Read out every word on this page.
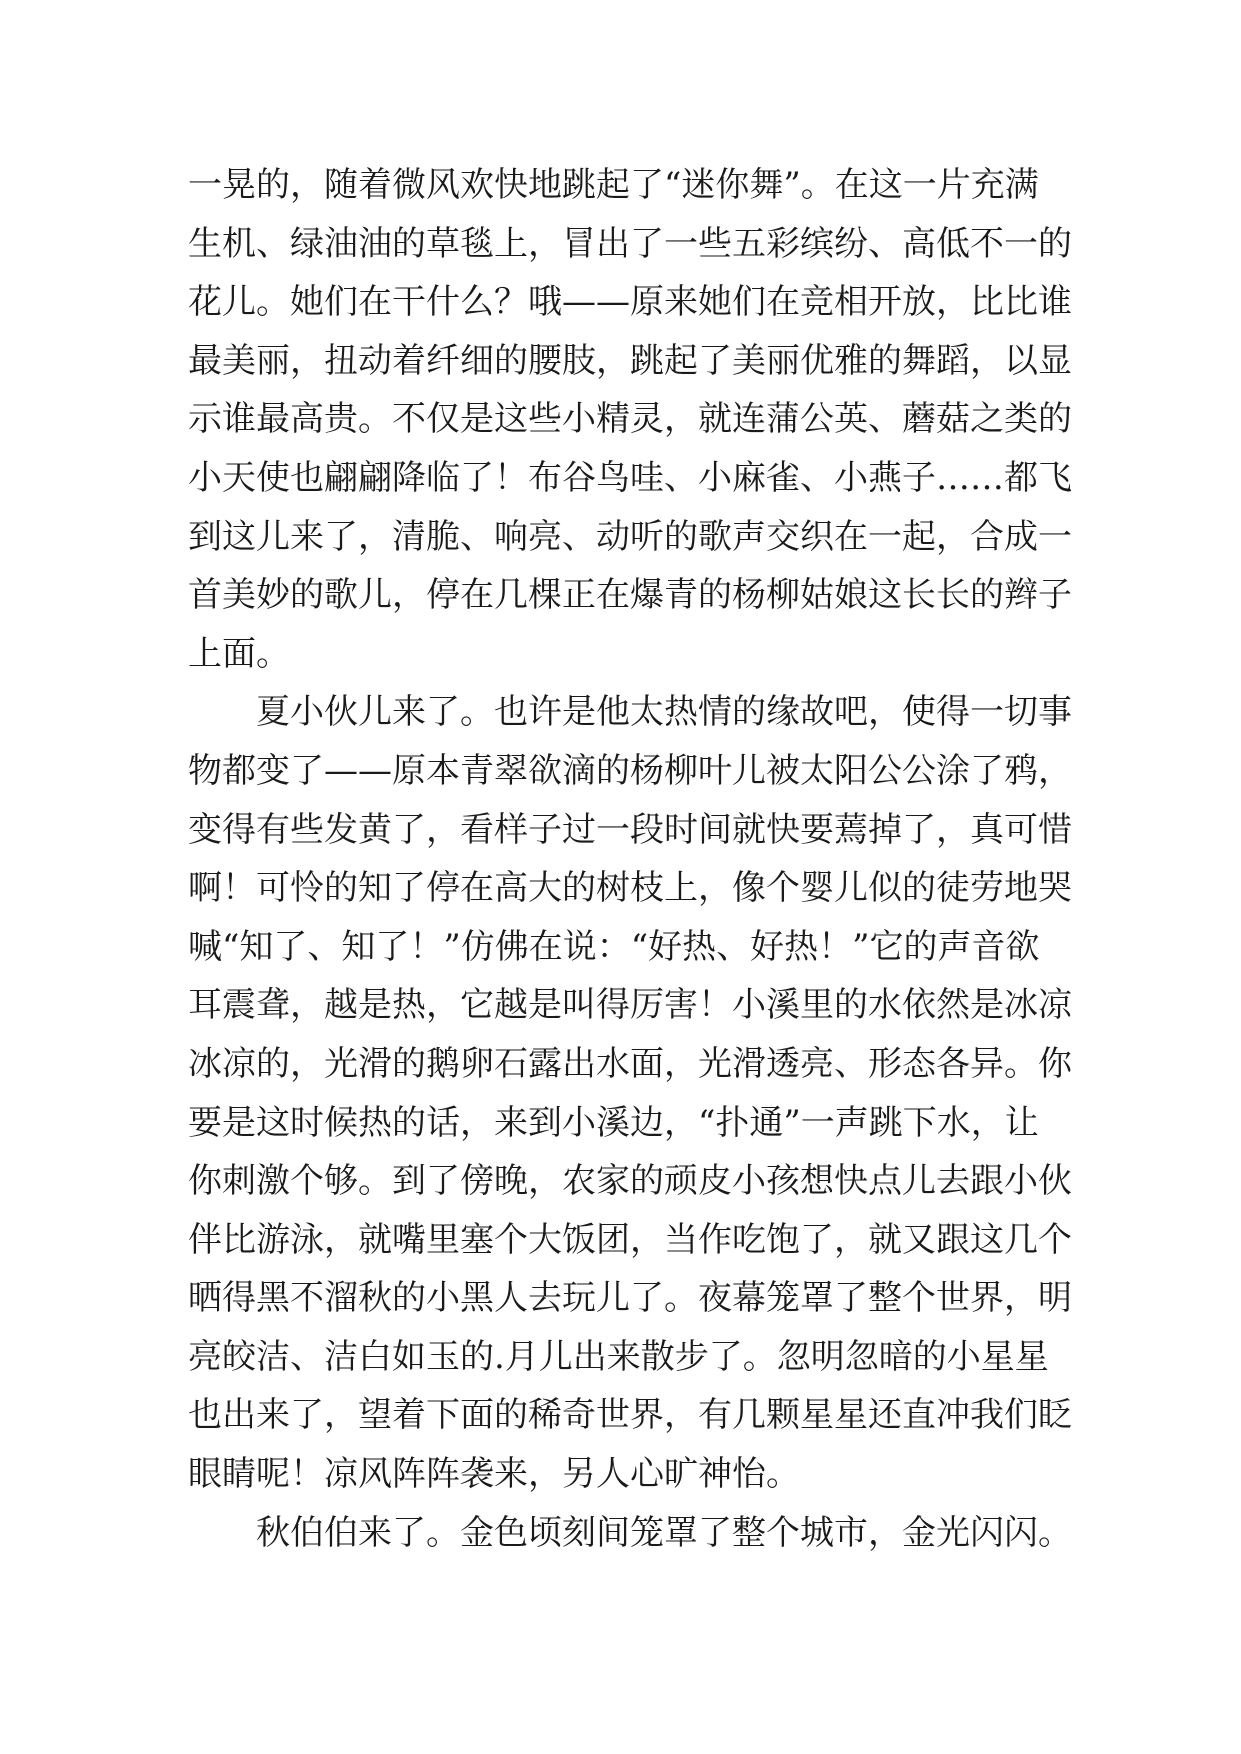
一晃的，随着微风欢快地跳起了“迷你舞”。在这一片充满
生机、绿油油的草毯上，冒出了一些五彩缤纷、高低不一的
花儿。她们在干什么？哦——原来她们在竞相开放，比比谁
最美丽，扭动着纤细的腰肢，跳起了美丽优雅的舞蹈，以显
示谁最高贵。不仅是这些小精灵，就连蒲公英、蘑菇之类的
小天使也翩翩降临了！布谷鸟哇、小麻雀、小燕子……都飞
到这儿来了，清脆、响亮、动听的歌声交织在一起，合成一
首美妙的歌儿，停在几棵正在爆青的杨柳姑娘这长长的辫子
上面。
夏小伙儿来了。也许是他太热情的缘故吧，使得一切事
物都变了——原本青翠欲滴的杨柳叶儿被太阳公公涂了鸦，
变得有些发黄了，看样子过一段时间就快要蔫掉了，真可惜
啊！可怜的知了停在高大的树枝上，像个婴儿似的徒劳地哭
喊“知了、知了！”仿佛在说：“好热、好热！”它的声音欲
耳震聋，越是热，它越是叫得厉害！小溪里的水依然是冰凉
冰凉的，光滑的鹅卵石露出水面，光滑透亮、形态各异。你
要是这时候热的话，来到小溪边，“扑通”一声跳下水，让
你刺激个够。到了傍晚，农家的顽皮小孩想快点儿去跟小伙
伴比游泳，就嘴里塞个大饭团，当作吃饱了，就又跟这几个
晒得黑不溜秋的小黑人去玩儿了。夜幕笼罩了整个世界，明
亮皎洁、洁白如玉的.月儿出来散步了。忽明忽暗的小星星
也出来了，望着下面的稀奇世界，有几颗星星还直冲我们眨
眼睛呢！凉风阵阵袭来，另人心旷神怡。
秋伯伯来了。金色顷刻间笼罩了整个城市，金光闪闪。
